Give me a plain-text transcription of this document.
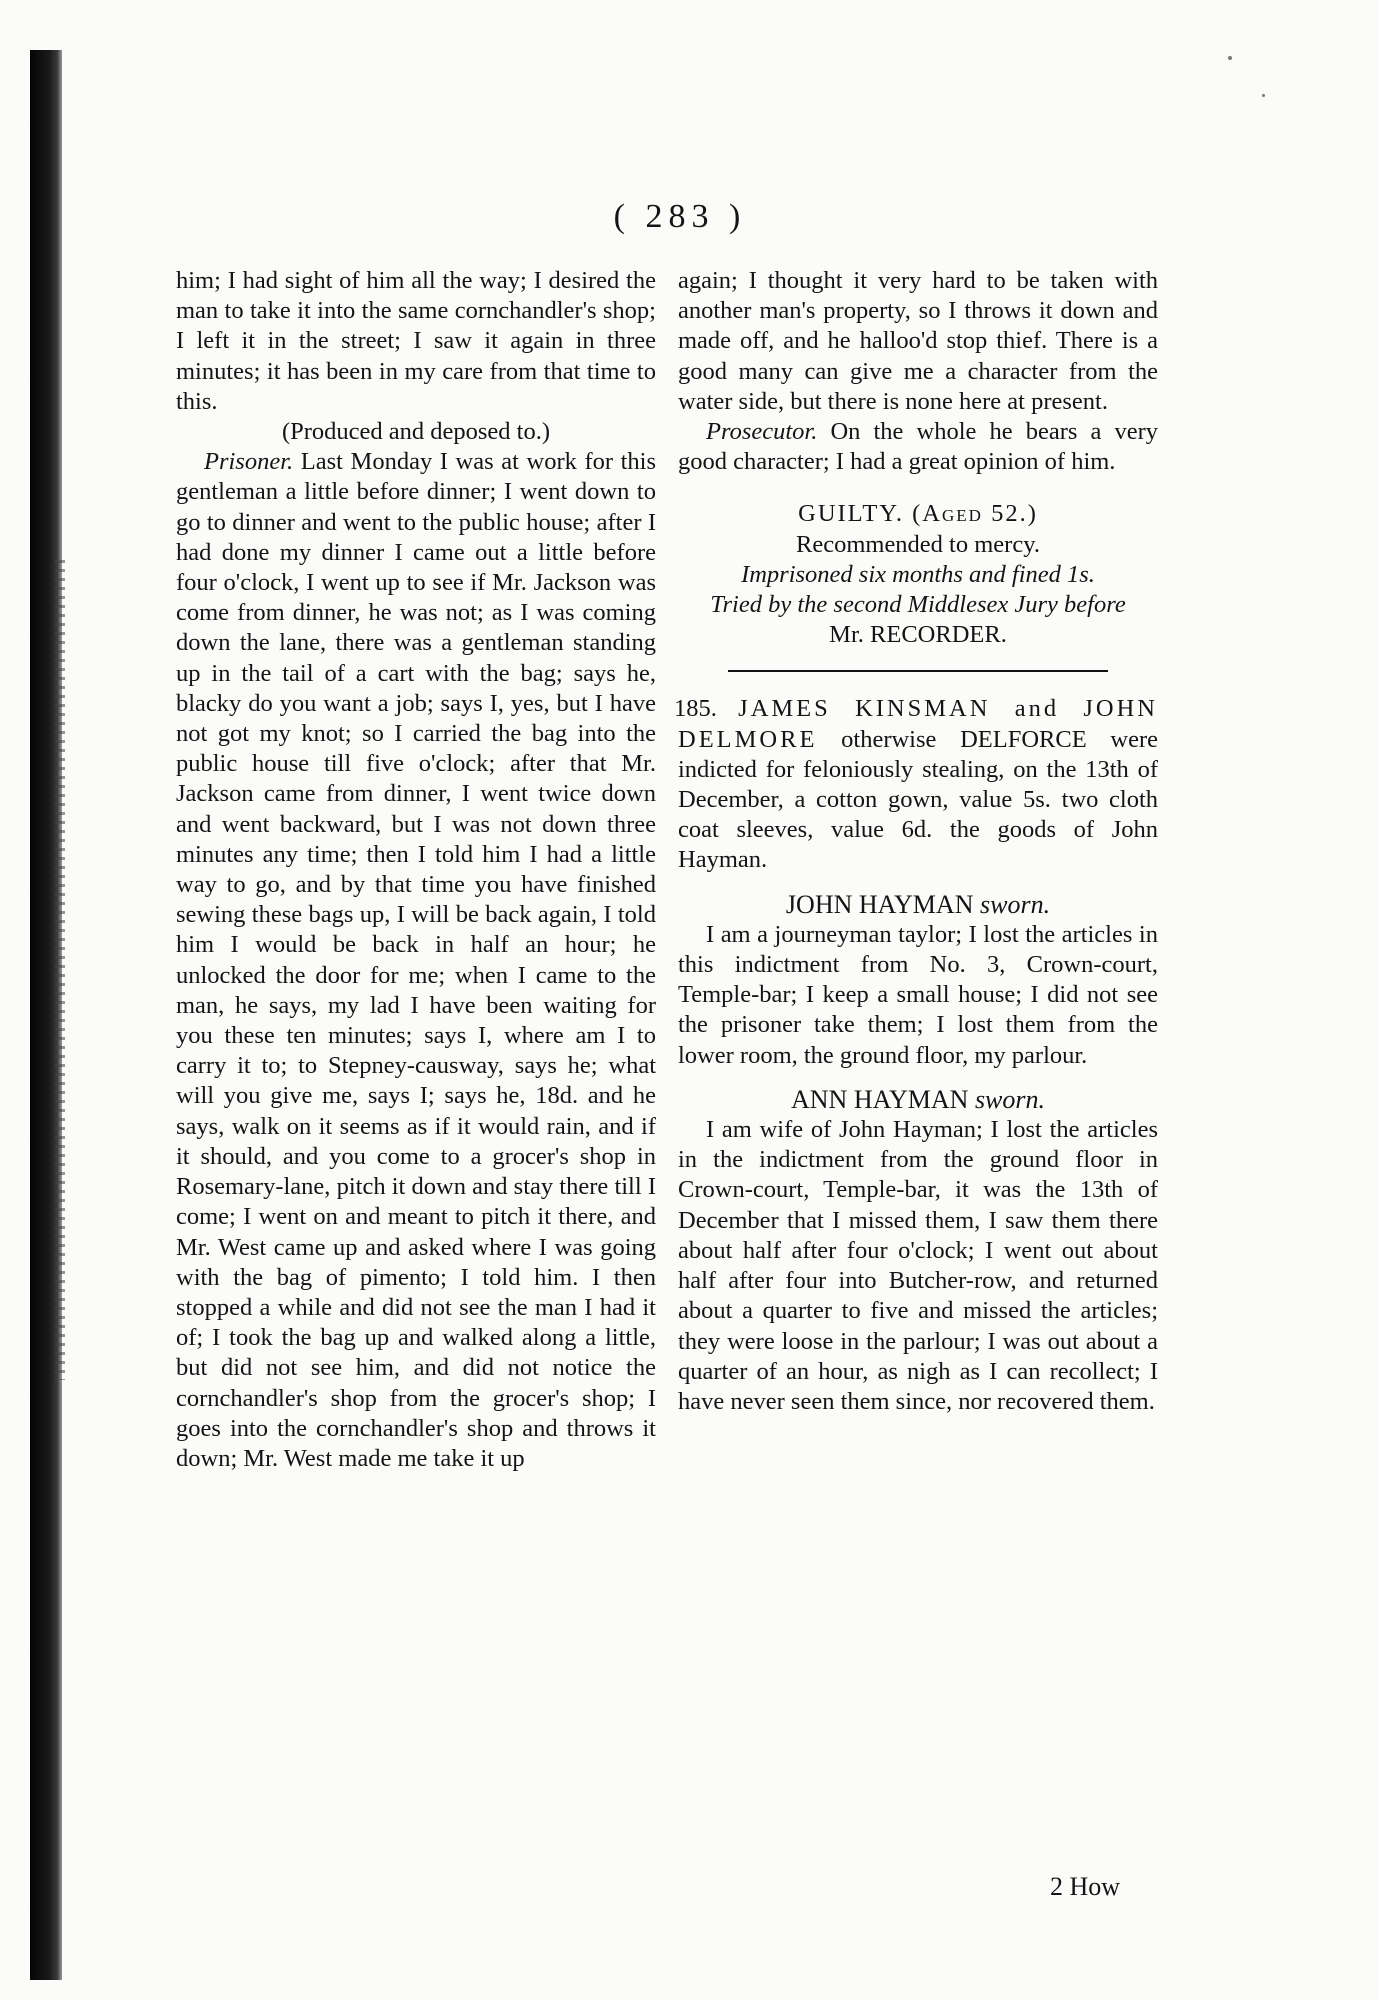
( 283 )

him; I had sight of him all the way; I desired the man to take it into the same cornchandler's shop; I left it in the street; I saw it again in three minutes; it has been in my care from that time to this.

(Produced and deposed to.)

Prisoner. Last Monday I was at work for this gentleman a little before dinner; I went down to go to dinner and went to the public house; after I had done my dinner I came out a little before four o'clock, I went up to see if Mr. Jackson was come from dinner, he was not; as I was coming down the lane, there was a gentleman standing up in the tail of a cart with the bag; says he, blacky do you want a job; says I, yes, but I have not got my knot; so I carried the bag into the public house till five o'clock; after that Mr. Jackson came from dinner, I went twice down and went backward, but I was not down three minutes any time; then I told him I had a little way to go, and by that time you have finished sewing these bags up, I will be back again, I told him I would be back in half an hour; he unlocked the door for me; when I came to the man, he says, my lad I have been waiting for you these ten minutes; says I, where am I to carry it to; to Stepney-causway, says he; what will you give me, says I; says he, 18d. and he says, walk on it seems as if it would rain, and if it should, and you come to a grocer's shop in Rosemary-lane, pitch it down and stay there till I come; I went on and meant to pitch it there, and Mr. West came up and asked where I was going with the bag of pimento; I told him. I then stopped a while and did not see the man I had it of; I took the bag up and walked along a little, but did not see him, and did not notice the cornchandler's shop from the grocer's shop; I goes into the cornchandler's shop and throws it down; Mr. West made me take it up

again; I thought it very hard to be taken with another man's property, so I throws it down and made off, and he halloo'd stop thief. There is a good many can give me a character from the water side, but there is none here at present.

Prosecutor. On the whole he bears a very good character; I had a great opinion of him.

GUILTY. (Aged 52.)

Recommended to mercy.

Imprisoned six months and fined 1s.

Tried by the second Middlesex Jury before

Mr. RECORDER.

185. JAMES KINSMAN and JOHN DELMORE otherwise DELFORCE were indicted for feloniously stealing, on the 13th of December, a cotton gown, value 5s. two cloth coat sleeves, value 6d. the goods of John Hayman.

JOHN HAYMAN sworn.

I am a journeyman taylor; I lost the articles in this indictment from No. 3, Crown-court, Temple-bar; I keep a small house; I did not see the prisoner take them; I lost them from the lower room, the ground floor, my parlour.

ANN HAYMAN sworn.

I am wife of John Hayman; I lost the articles in the indictment from the ground floor in Crown-court, Temple-bar, it was the 13th of December that I missed them, I saw them there about half after four o'clock; I went out about half after four into Butcher-row, and returned about a quarter to five and missed the articles; they were loose in the parlour; I was out about a quarter of an hour, as nigh as I can recollect; I have never seen them since, nor recovered them.

2 How
